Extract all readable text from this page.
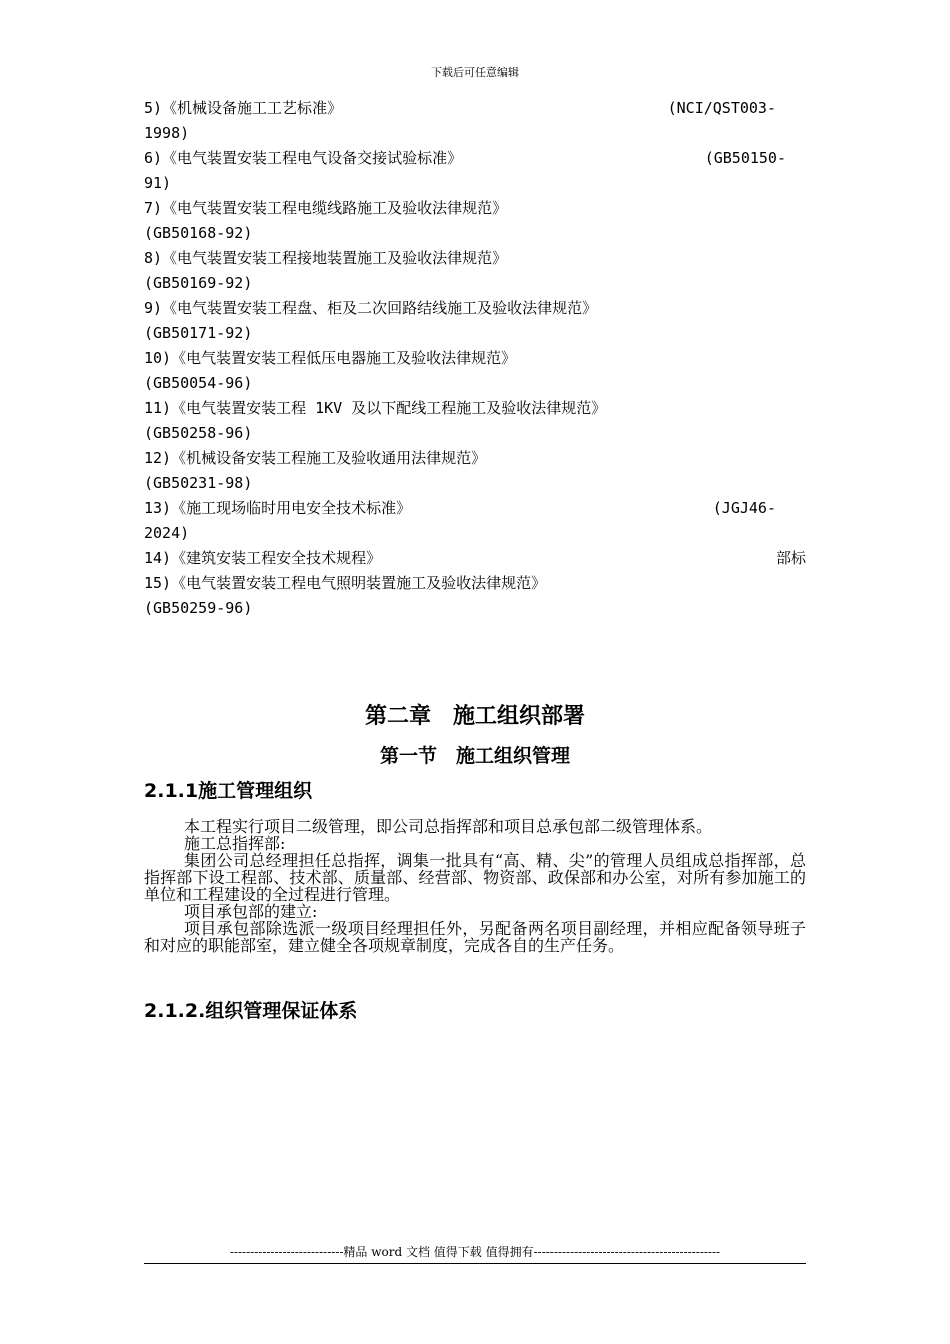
下载后可任意编辑
5)《机械设备施工工艺标准》	(NCI/QST003-
1998)
6)《电气装置安装工程电气设备交接试验标准》	(GB50150-
91)
7)《电气装置安装工程电缆线路施工及验收法律规范》
(GB50168-92)
8)《电气装置安装工程接地装置施工及验收法律规范》
(GB50169-92)
9)《电气装置安装工程盘、柜及二次回路结线施工及验收法律规范》
(GB50171-92)
10)《电气装置安装工程低压电器施工及验收法律规范》
(GB50054-96)
11)《电气装置安装工程 1KV 及以下配线工程施工及验收法律规范》
(GB50258-96)
12)《机械设备安装工程施工及验收通用法律规范》
(GB50231-98)
13)《施工现场临时用电安全技术标准》	(JGJ46-
2024)
14)《建筑安装工程安全技术规程》	部标
15)《电气装置安装工程电气照明装置施工及验收法律规范》
(GB50259-96)
第二章　施工组织部署
第一节　施工组织管理
2.1.1施工管理组织

本工程实行项目二级管理，即公司总指挥部和项目总承包部二级管理体系。

施工总指挥部:

集团公司总经理担任总指挥，调集一批具有“高、精、尖”的管理人员组成总指挥部，总指挥部下设工程部、技术部、质量部、经营部、物资部、政保部和办公室，对所有参加施工的单位和工程建设的全过程进行管理。

项目承包部的建立:

项目承包部除选派一级项目经理担任外，另配备两名项目副经理，并相应配备领导班子和对应的职能部室，建立健全各项规章制度，完成各自的生产任务。

2.1.2.组织管理保证体系
----------------------------精品 word 文档 值得下载 值得拥有----------------------------------------------
